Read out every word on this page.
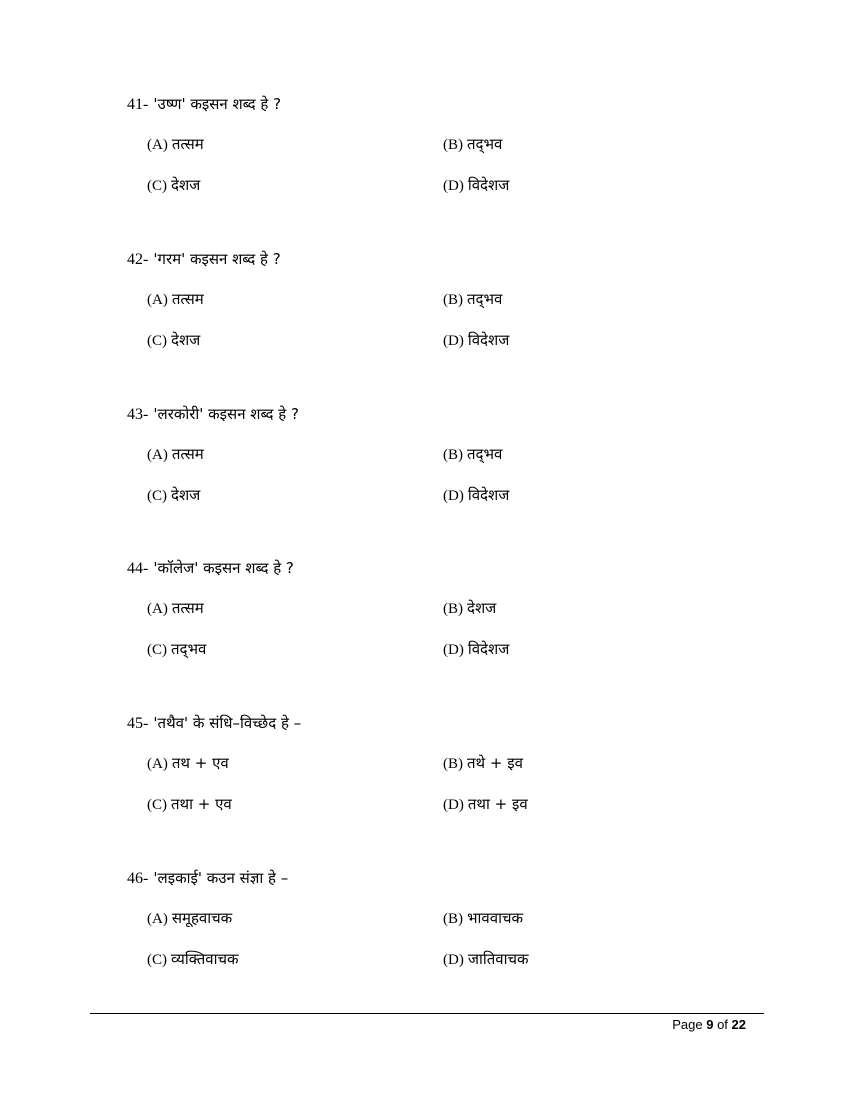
41- 'उष्ण' कइसन शब्द हे ?
(A) तत्सम	(B) तद्‌भव
(C) देशज	(D) विदेशज
42- 'गरम' कइसन शब्द हे ?
(A) तत्सम	(B) तद्‌भव
(C) देशज	(D) विदेशज
43- 'लरकोरी' कइसन शब्द हे ?
(A) तत्सम	(B) तद्‌भव
(C) देशज	(D) विदेशज
44- 'कॉलेज' कइसन शब्द हे ?
(A) तत्सम	(B) देशज
(C) तद्‌भव	(D) विदेशज
45- 'तथैव' के संधि–विच्छेद हे –
(A) तथ + एव	(B) तथे + इव
(C) तथा + एव	(D) तथा + इव
46- 'लइकाई' कउन संज्ञा हे –
(A) समूहवाचक	(B) भाववाचक
(C) व्यक्तिवाचक	(D) जातिवाचक
Page 9 of 22
